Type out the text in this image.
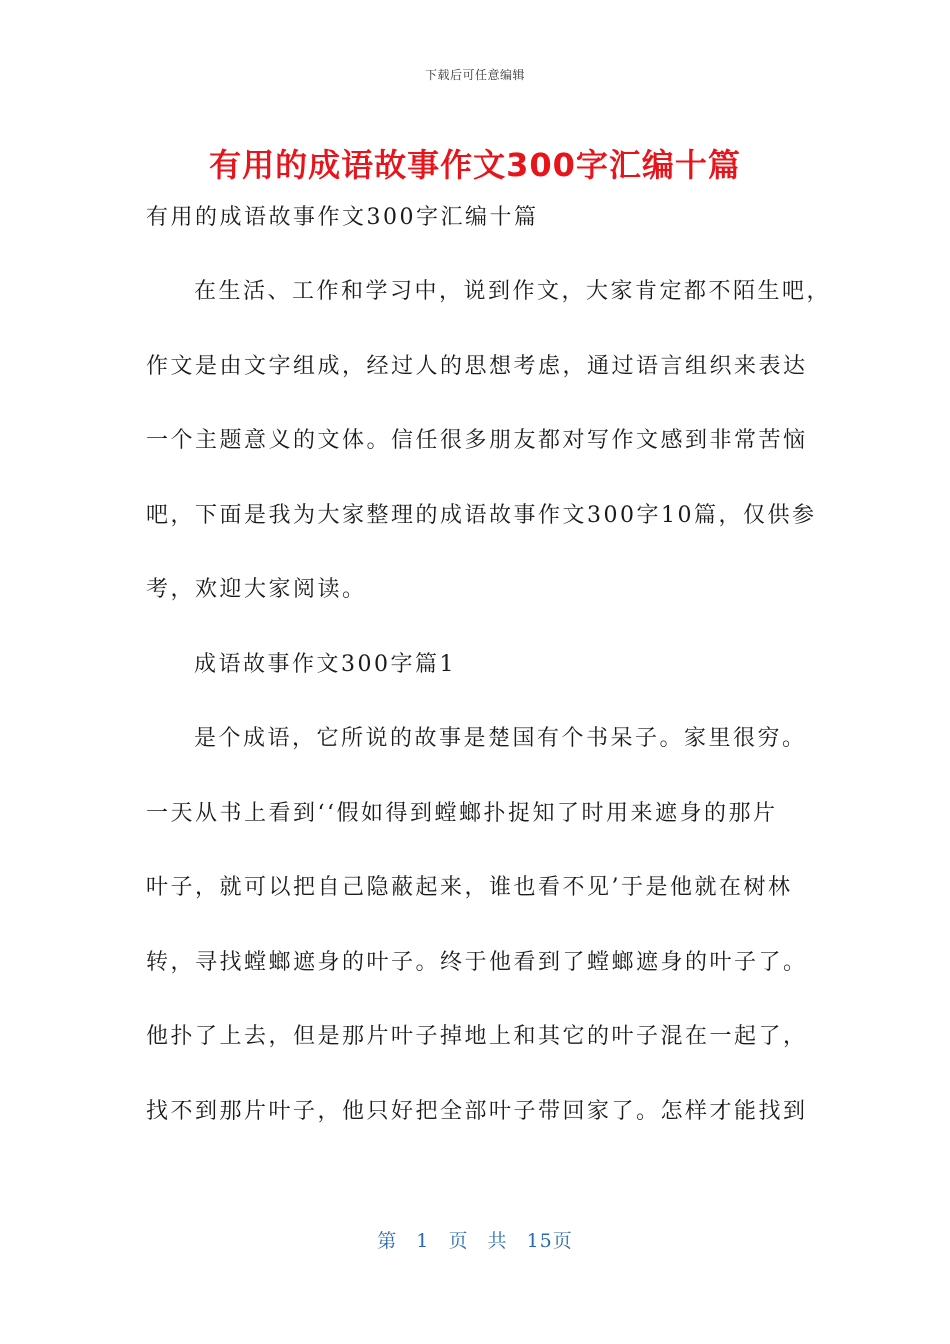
下载后可任意编辑
有用的成语故事作文300字汇编十篇
有用的成语故事作文300字汇编十篇
在生活、工作和学习中，说到作文，大家肯定都不陌生吧，
作文是由文字组成，经过人的思想考虑，通过语言组织来表达
一个主题意义的文体。信任很多朋友都对写作文感到非常苦恼
吧，下面是我为大家整理的成语故事作文300字10篇，仅供参
考，欢迎大家阅读。
成语故事作文300字篇1
是个成语，它所说的故事是楚国有个书呆子。家里很穷。
一天从书上看到‘‘假如得到螳螂扑捉知了时用来遮身的那片
叶子，就可以把自己隐蔽起来，谁也看不见’于是他就在树林
转，寻找螳螂遮身的叶子。终于他看到了螳螂遮身的叶子了。
他扑了上去，但是那片叶子掉地上和其它的叶子混在一起了，
找不到那片叶子，他只好把全部叶子带回家了。怎样才能找到
第 1 页 共 15页
